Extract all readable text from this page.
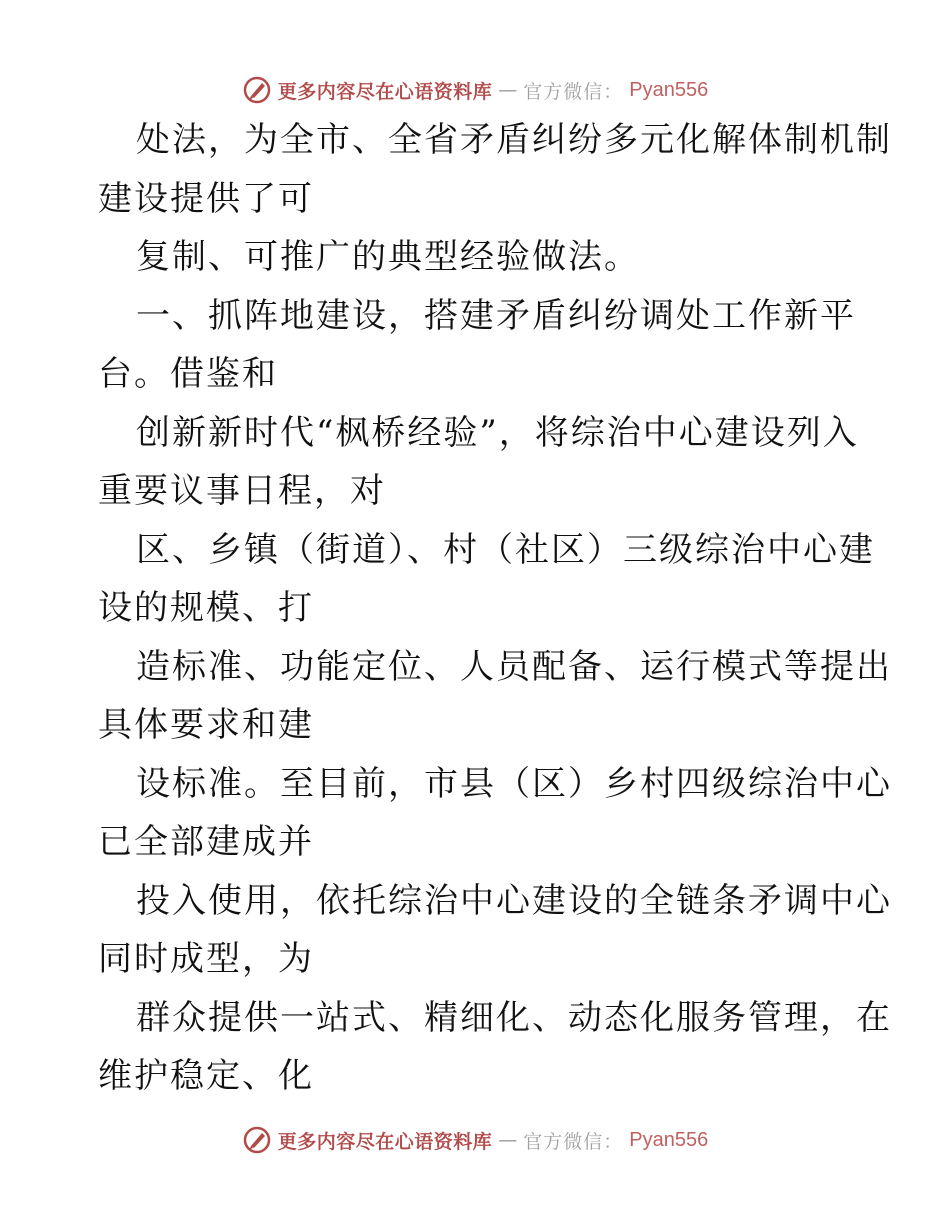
更多内容尽在心语资料库 — 官方微信： Pyan556
处法，为全市、全省矛盾纠纷多元化解体制机制
建设提供了可
复制、可推广的典型经验做法。
一、抓阵地建设，搭建矛盾纠纷调处工作新平
台。借鉴和
创新新时代“枫桥经验”，将综治中心建设列入
重要议事日程，对
区、乡镇（街道）、村（社区）三级综治中心建
设的规模、打
造标准、功能定位、人员配备、运行模式等提出
具体要求和建
设标准。至目前，市县（区）乡村四级综治中心
已全部建成并
投入使用，依托综治中心建设的全链条矛调中心
同时成型，为
群众提供一站式、精细化、动态化服务管理，在
维护稳定、化
更多内容尽在心语资料库 — 官方微信： Pyan556
